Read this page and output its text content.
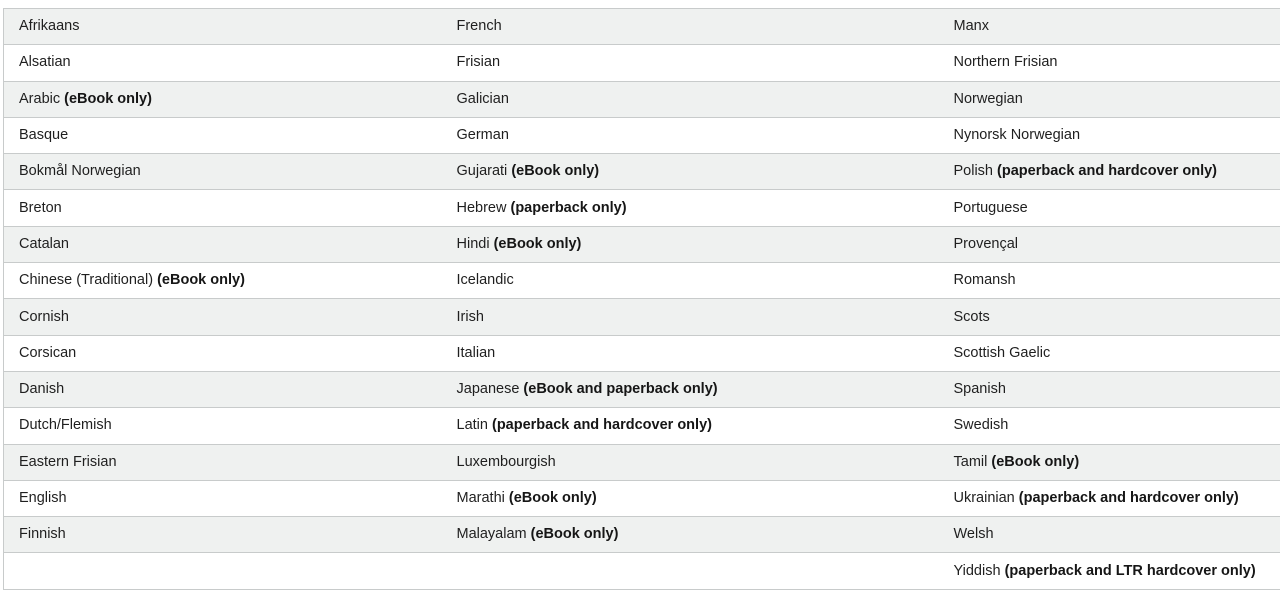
Afrikaans	French	Manx
Alsatian	Frisian	Northern Frisian
Arabic (eBook only)	Galician	Norwegian
Basque	German	Nynorsk Norwegian
Bokmål Norwegian	Gujarati (eBook only)	Polish (paperback and hardcover only)
Breton	Hebrew (paperback only)	Portuguese
Catalan	Hindi (eBook only)	Provençal
Chinese (Traditional) (eBook only)	Icelandic	Romansh
Cornish	Irish	Scots
Corsican	Italian	Scottish Gaelic
Danish	Japanese (eBook and paperback only)	Spanish
Dutch/Flemish	Latin (paperback and hardcover only)	Swedish
Eastern Frisian	Luxembourgish	Tamil (eBook only)
English	Marathi (eBook only)	Ukrainian (paperback and hardcover only)
Finnish	Malayalam (eBook only)	Welsh
		Yiddish (paperback and LTR hardcover only)
